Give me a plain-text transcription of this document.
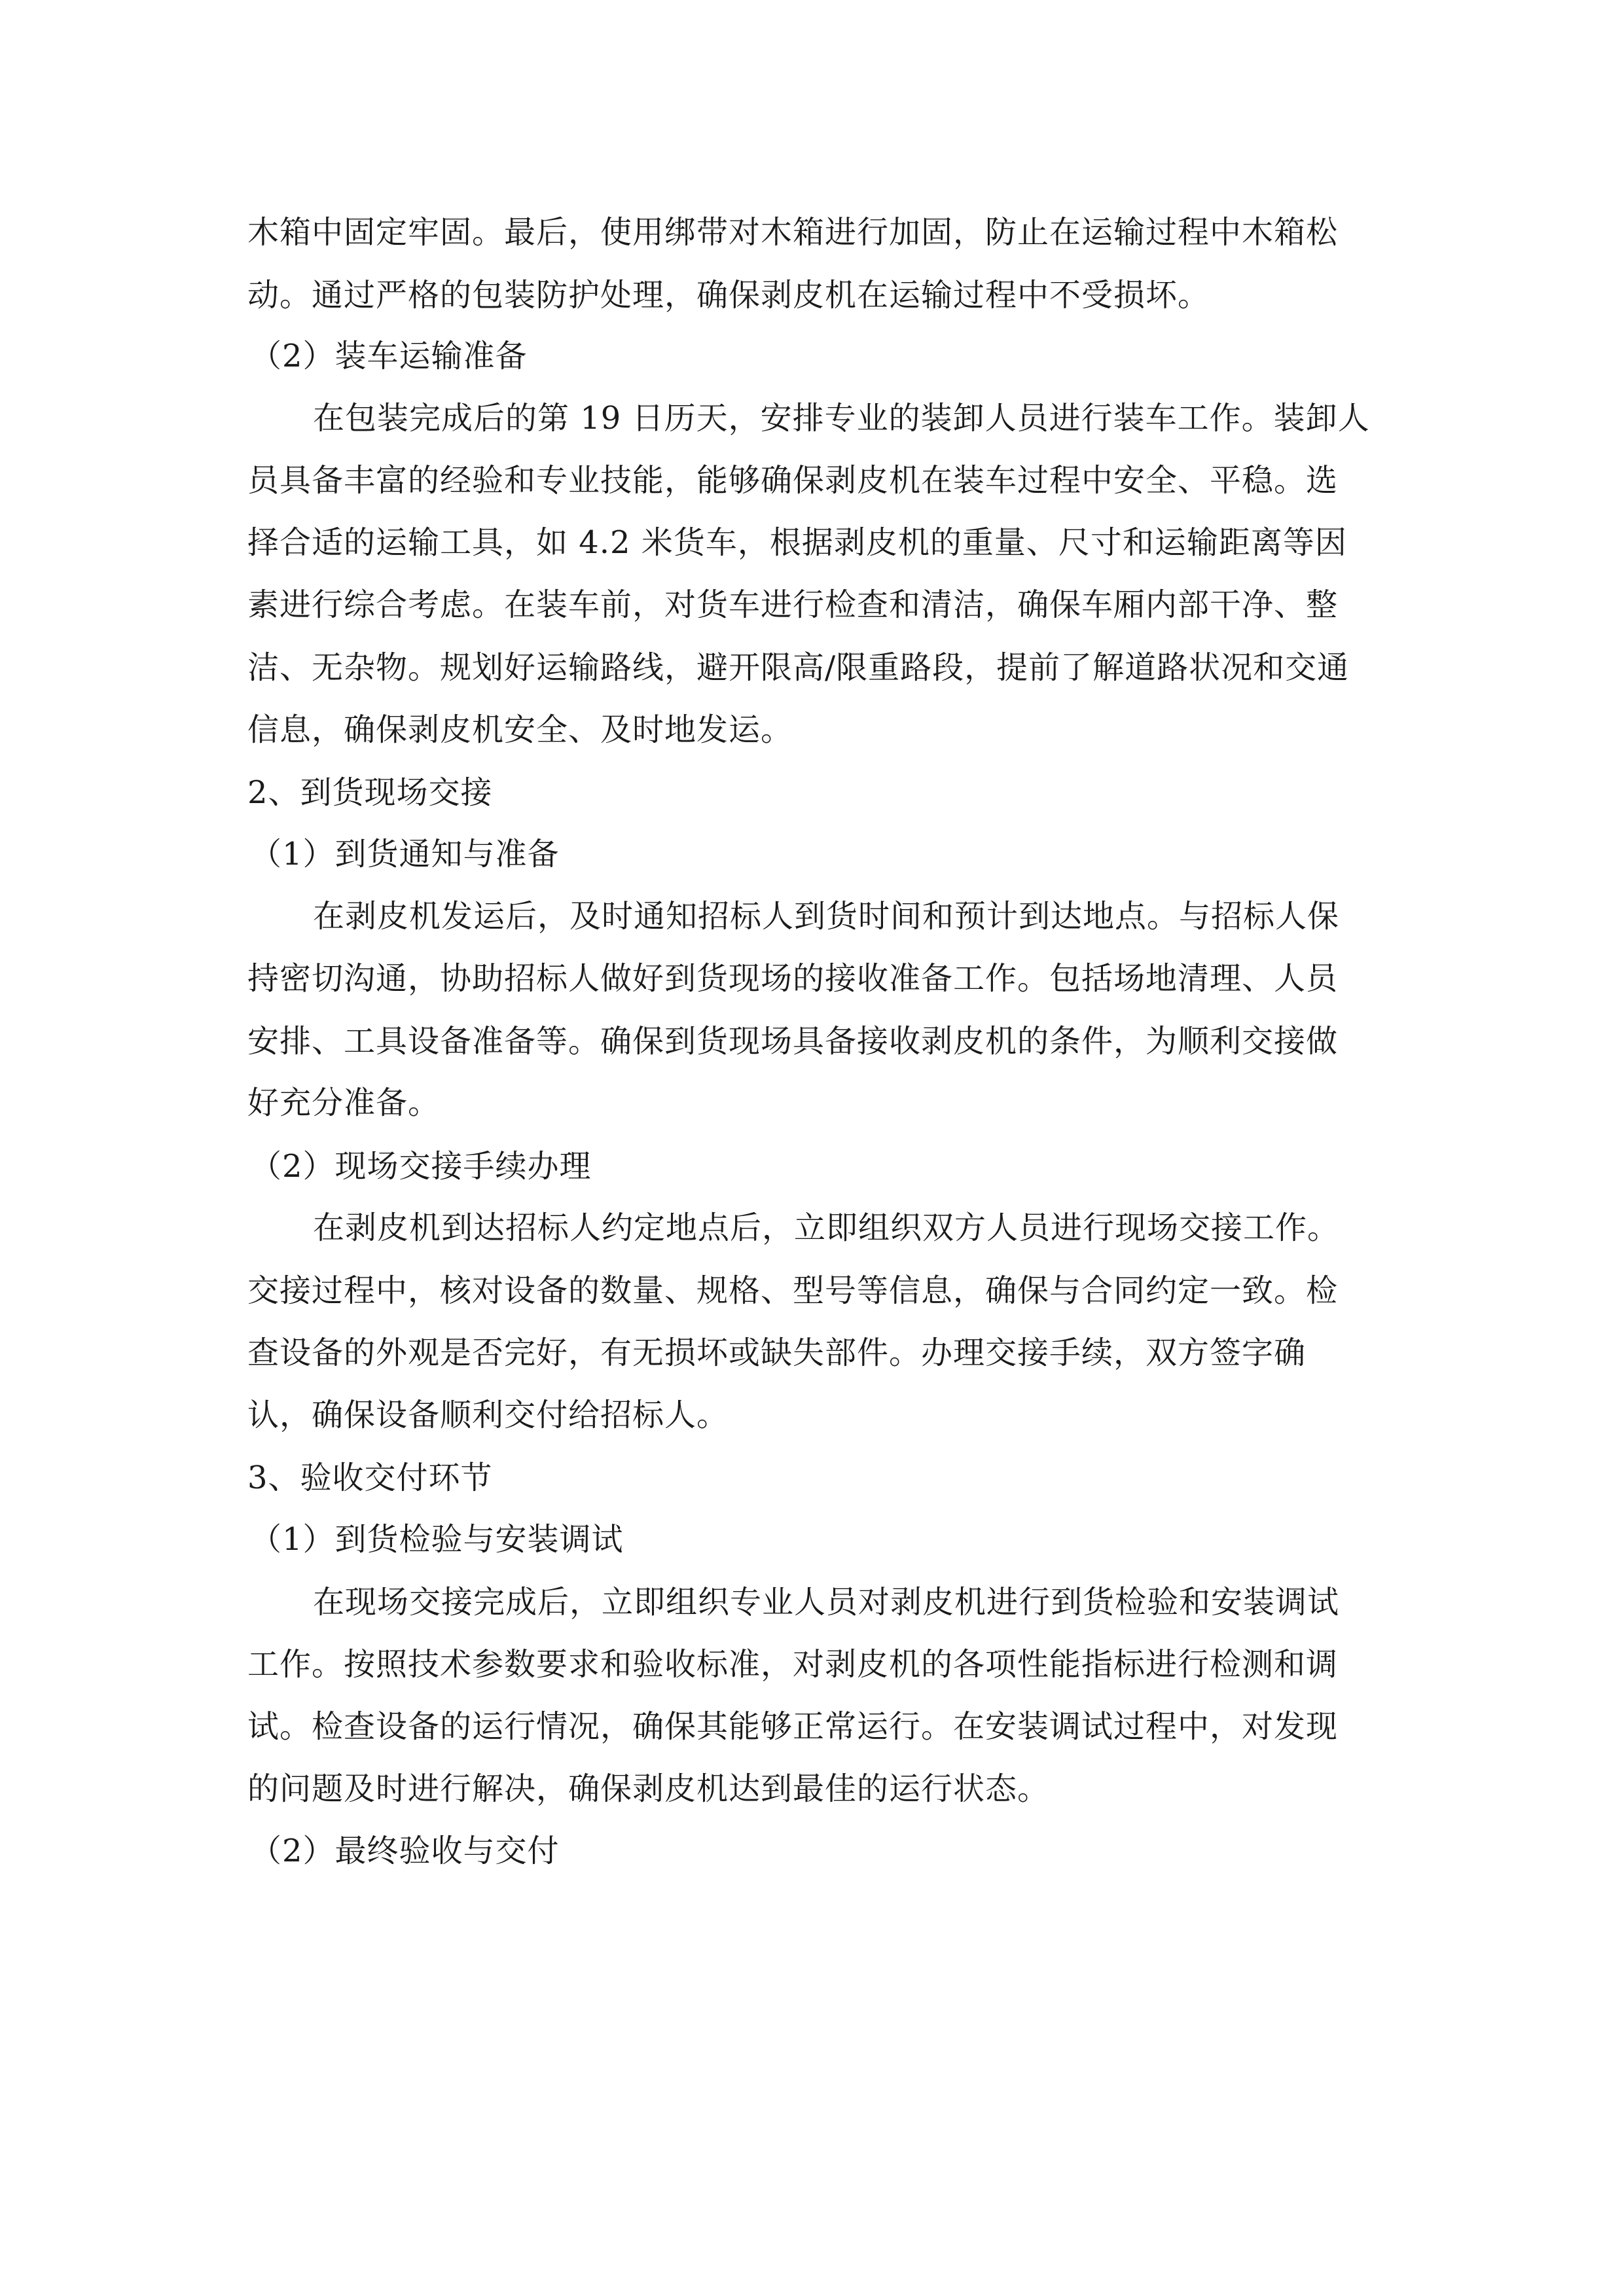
木箱中固定牢固。最后，使用绑带对木箱进行加固，防止在运输过程中木箱松
动。通过严格的包装防护处理，确保剥皮机在运输过程中不受损坏。
（2）装车运输准备
在包装完成后的第 19 日历天，安排专业的装卸人员进行装车工作。装卸人
员具备丰富的经验和专业技能，能够确保剥皮机在装车过程中安全、平稳。选
择合适的运输工具，如 4.2 米货车，根据剥皮机的重量、尺寸和运输距离等因
素进行综合考虑。在装车前，对货车进行检查和清洁，确保车厢内部干净、整
洁、无杂物。规划好运输路线，避开限高/限重路段，提前了解道路状况和交通
信息，确保剥皮机安全、及时地发运。
2、到货现场交接
（1）到货通知与准备
在剥皮机发运后，及时通知招标人到货时间和预计到达地点。与招标人保
持密切沟通，协助招标人做好到货现场的接收准备工作。包括场地清理、人员
安排、工具设备准备等。确保到货现场具备接收剥皮机的条件，为顺利交接做
好充分准备。
（2）现场交接手续办理
在剥皮机到达招标人约定地点后，立即组织双方人员进行现场交接工作。
交接过程中，核对设备的数量、规格、型号等信息，确保与合同约定一致。检
查设备的外观是否完好，有无损坏或缺失部件。办理交接手续，双方签字确
认，确保设备顺利交付给招标人。
3、验收交付环节
（1）到货检验与安装调试
在现场交接完成后，立即组织专业人员对剥皮机进行到货检验和安装调试
工作。按照技术参数要求和验收标准，对剥皮机的各项性能指标进行检测和调
试。检查设备的运行情况，确保其能够正常运行。在安装调试过程中，对发现
的问题及时进行解决，确保剥皮机达到最佳的运行状态。
（2）最终验收与交付
